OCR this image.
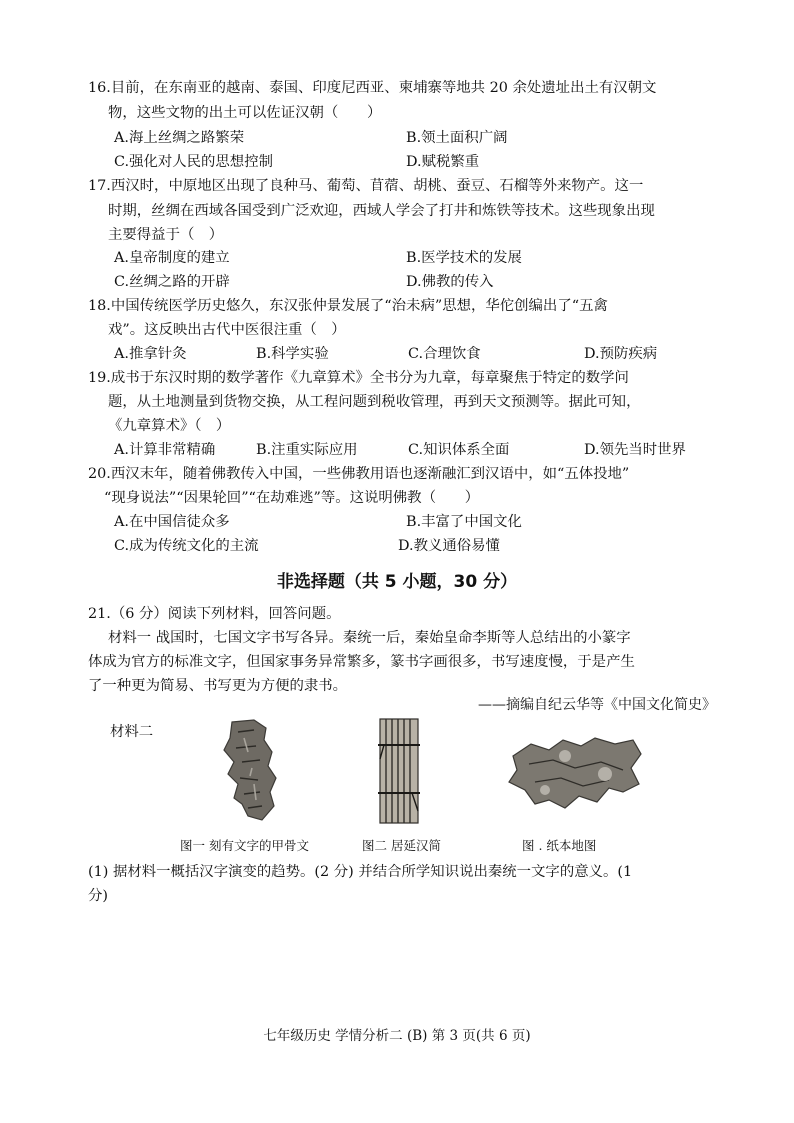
16.目前，在东南亚的越南、泰国、印度尼西亚、柬埔寨等地共 20 余处遗址出土有汉朝文
物，这些文物的出土可以佐证汉朝（　　）
A.海上丝绸之路繁荣	B.领土面积广阔
C.强化对人民的思想控制	D.赋税繁重
17.西汉时，中原地区出现了良种马、葡萄、苜蓿、胡桃、蚕豆、石榴等外来物产。这一
时期，丝绸在西域各国受到广泛欢迎，西域人学会了打井和炼铁等技术。这些现象出现
主要得益于（　）
A.皇帝制度的建立	B.医学技术的发展
C.丝绸之路的开辟	D.佛教的传入
18.中国传统医学历史悠久，东汉张仲景发展了“治未病”思想，华佗创编出了“五禽
戏”。这反映出古代中医很注重（　）
A.推拿针灸	B.科学实验	C.合理饮食	D.预防疾病
19.成书于东汉时期的数学著作《九章算术》全书分为九章，每章聚焦于特定的数学问
题，从土地测量到货物交换，从工程问题到税收管理，再到天文预测等。据此可知，
《九章算术》（　）
A.计算非常精确	B.注重实际应用	C.知识体系全面	D.领先当时世界
20.西汉末年，随着佛教传入中国，一些佛教用语也逐渐融汇到汉语中，如“五体投地”
“现身说法”“因果轮回”“在劫难逃”等。这说明佛教（　　）
A.在中国信徒众多	B.丰富了中国文化
C.成为传统文化的主流	D.教义通俗易懂
非选择题（共 5 小题，30 分）
21.（6 分）阅读下列材料，回答问题。
材料一 战国时，七国文字书写各异。秦统一后，秦始皇命李斯等人总结出的小篆字
体成为官方的标准文字，但国家事务异常繁多，篆书字画很多，书写速度慢，于是产生
了一种更为简易、书写更为方便的隶书。
——摘编自纪云华等《中国文化简史》
材料二
图一 刻有文字的甲骨文	图二 居延汉简	图 . 纸本地图
(1) 据材料一概括汉字演变的趋势。(2 分) 并结合所学知识说出秦统一文字的意义。(1
分)
七年级历史 学情分析二 (B) 第 3 页(共 6 页)
